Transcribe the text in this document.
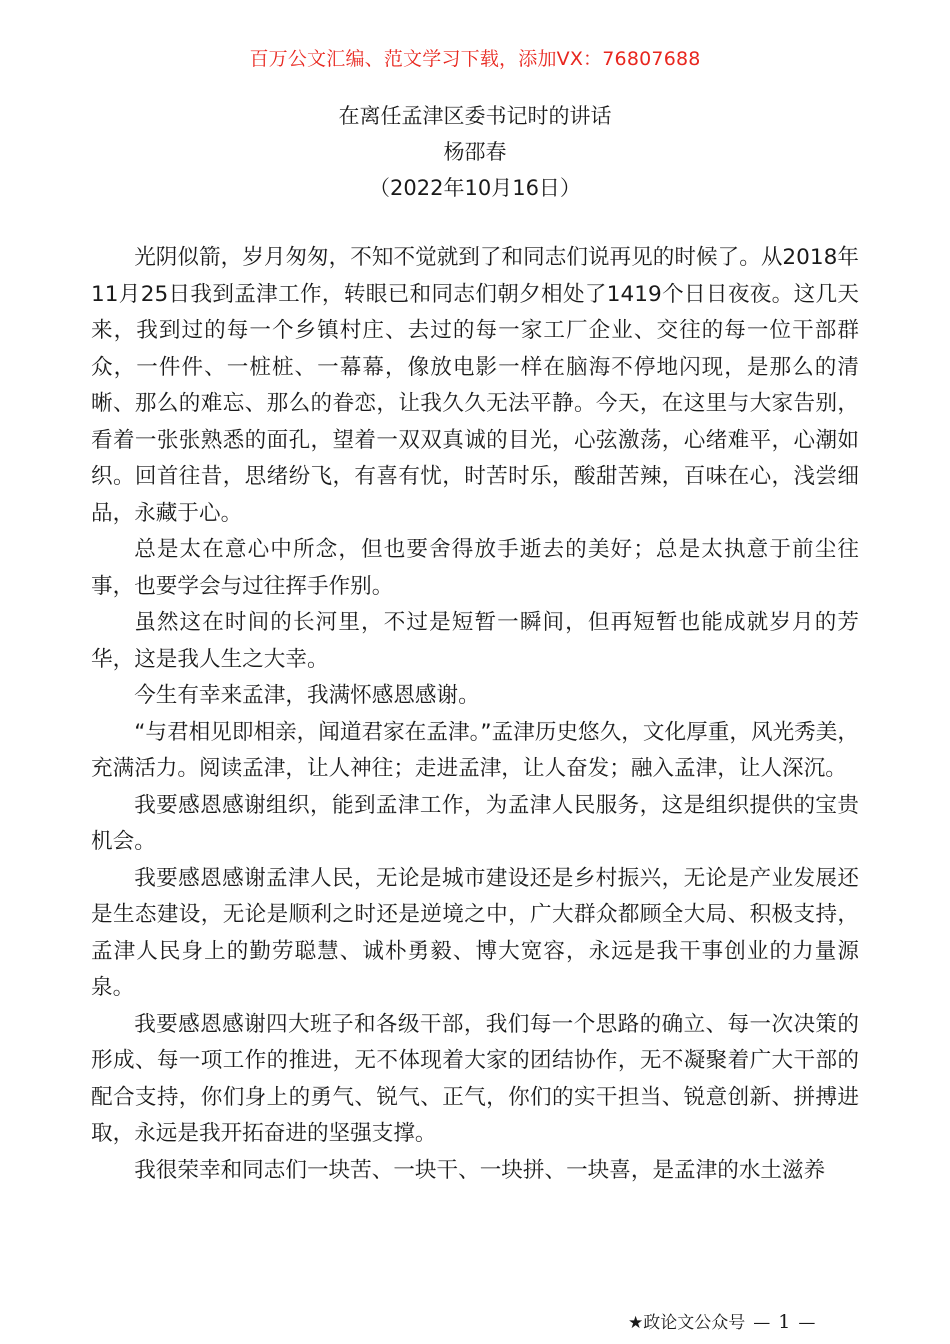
百万公文汇编、范文学习下载，添加VX：76807688
在离任孟津区委书记时的讲话
杨邵春
（2022年10月16日）

光阴似箭，岁月匆匆，不知不觉就到了和同志们说再见的时候了。从2018年11月25日我到孟津工作，转眼已和同志们朝夕相处了1419个日日夜夜。这几天来，我到过的每一个乡镇村庄、去过的每一家工厂企业、交往的每一位干部群众，一件件、一桩桩、一幕幕，像放电影一样在脑海不停地闪现，是那么的清晰、那么的难忘、那么的眷恋，让我久久无法平静。今天，在这里与大家告别，看着一张张熟悉的面孔，望着一双双真诚的目光，心弦激荡，心绪难平，心潮如织。回首往昔，思绪纷飞，有喜有忧，时苦时乐，酸甜苦辣，百味在心，浅尝细品，永藏于心。

总是太在意心中所念，但也要舍得放手逝去的美好；总是太执意于前尘往事，也要学会与过往挥手作别。

虽然这在时间的长河里，不过是短暂一瞬间，但再短暂也能成就岁月的芳华，这是我人生之大幸。

今生有幸来孟津，我满怀感恩感谢。

“与君相见即相亲，闻道君家在孟津。”孟津历史悠久，文化厚重，风光秀美，充满活力。阅读孟津，让人神往；走进孟津，让人奋发；融入孟津，让人深沉。

我要感恩感谢组织，能到孟津工作，为孟津人民服务，这是组织提供的宝贵机会。

我要感恩感谢孟津人民，无论是城市建设还是乡村振兴，无论是产业发展还是生态建设，无论是顺利之时还是逆境之中，广大群众都顾全大局、积极支持，孟津人民身上的勤劳聪慧、诚朴勇毅、博大宽容，永远是我干事创业的力量源泉。

我要感恩感谢四大班子和各级干部，我们每一个思路的确立、每一次决策的形成、每一项工作的推进，无不体现着大家的团结协作，无不凝聚着广大干部的配合支持，你们身上的勇气、锐气、正气，你们的实干担当、锐意创新、拼搏进取，永远是我开拓奋进的坚强支撑。

我很荣幸和同志们一块苦、一块干、一块拼、一块喜，是孟津的水土滋养

★政论文公众号 — 1 —
